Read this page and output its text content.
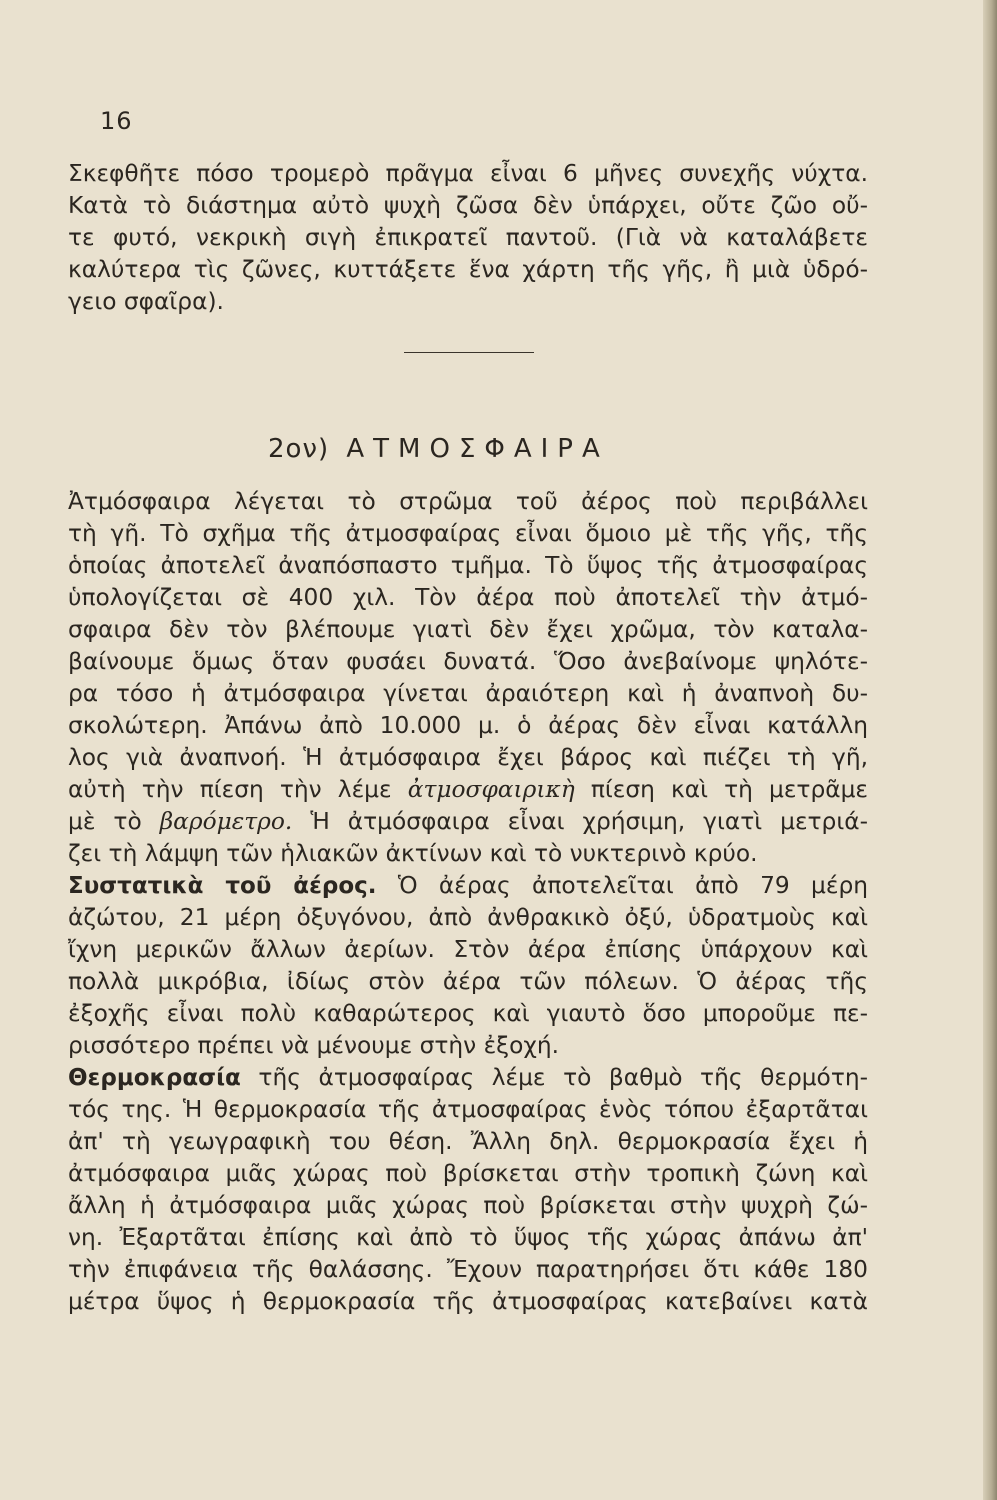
16
Σκεφθῆτε πόσο τρομερὸ πρᾶγμα εἶναι 6 μῆνες συνεχῆς νύχτα.
Κατὰ τὸ διάστημα αὐτὸ ψυχὴ ζῶσα δὲν ὑπάρχει, οὔτε ζῶο οὔ-
τε φυτό, νεκρικὴ σιγὴ ἐπικρατεῖ παντοῦ. (Γιὰ νὰ καταλάβετε
καλύτερα τὶς ζῶνες, κυττάξετε ἕνα χάρτη τῆς γῆς, ἢ μιὰ ὑδρό-
γειο σφαῖρα).
2ον) ΑΤΜΟΣΦΑΙΡΑ
Ἀτμόσφαιρα λέγεται τὸ στρῶμα τοῦ ἀέρος ποὺ περιβάλλει
τὴ γῆ. Τὸ σχῆμα τῆς ἀτμοσφαίρας εἶναι ὅμοιο μὲ τῆς γῆς, τῆς
ὁποίας ἀποτελεῖ ἀναπόσπαστο τμῆμα. Τὸ ὕψος τῆς ἀτμοσφαίρας
ὑπολογίζεται σὲ 400 χιλ. Τὸν ἀέρα ποὺ ἀποτελεῖ τὴν ἀτμό-
σφαιρα δὲν τὸν βλέπουμε γιατὶ δὲν ἔχει χρῶμα, τὸν καταλα-
βαίνουμε ὅμως ὅταν φυσάει δυνατά. Ὅσο ἀνεβαίνομε ψηλότε-
ρα τόσο ἡ ἀτμόσφαιρα γίνεται ἀραιότερη καὶ ἡ ἀναπνοὴ δυ-
σκολώτερη. Ἀπάνω ἀπὸ 10.000 μ. ὁ ἀέρας δὲν εἶναι κατάλλη
λος γιὰ ἀναπνοή. Ἡ ἀτμόσφαιρα ἔχει βάρος καὶ πιέζει τὴ γῆ,
αὐτὴ τὴν πίεση τὴν λέμε ἀτμοσφαιρικὴ πίεση καὶ τὴ μετρᾶμε
μὲ τὸ βαρόμετρο. Ἡ ἀτμόσφαιρα εἶναι χρήσιμη, γιατὶ μετριά-
ζει τὴ λάμψη τῶν ἡλιακῶν ἀκτίνων καὶ τὸ νυκτερινὸ κρύο.
Συστατικὰ τοῦ ἀέρος. Ὁ ἀέρας ἀποτελεῖται ἀπὸ 79 μέρη
ἀζώτου, 21 μέρη ὀξυγόνου, ἀπὸ ἀνθρακικὸ ὀξύ, ὑδρατμοὺς καὶ
ἴχνη μερικῶν ἄλλων ἀερίων. Στὸν ἀέρα ἐπίσης ὑπάρχουν καὶ
πολλὰ μικρόβια, ἰδίως στὸν ἀέρα τῶν πόλεων. Ὁ ἀέρας τῆς
ἐξοχῆς εἶναι πολὺ καθαρώτερος καὶ γιαυτὸ ὅσο μποροῦμε πε-
ρισσότερο πρέπει νὰ μένουμε στὴν ἐξοχή.
Θερμοκρασία τῆς ἀτμοσφαίρας λέμε τὸ βαθμὸ τῆς θερμότη-
τός της. Ἡ θερμοκρασία τῆς ἀτμοσφαίρας ἑνὸς τόπου ἐξαρτᾶται
ἀπ' τὴ γεωγραφικὴ του θέση. Ἄλλη δηλ. θερμοκρασία ἔχει ἡ
ἀτμόσφαιρα μιᾶς χώρας ποὺ βρίσκεται στὴν τροπικὴ ζώνη καὶ
ἄλλη ἡ ἀτμόσφαιρα μιᾶς χώρας ποὺ βρίσκεται στὴν ψυχρὴ ζώ-
νη. Ἐξαρτᾶται ἐπίσης καὶ ἀπὸ τὸ ὕψος τῆς χώρας ἀπάνω ἀπ'
τὴν ἐπιφάνεια τῆς θαλάσσης. Ἔχουν παρατηρήσει ὅτι κάθε 180
μέτρα ὕψος ἡ θερμοκρασία τῆς ἀτμοσφαίρας κατεβαίνει κατὰ
